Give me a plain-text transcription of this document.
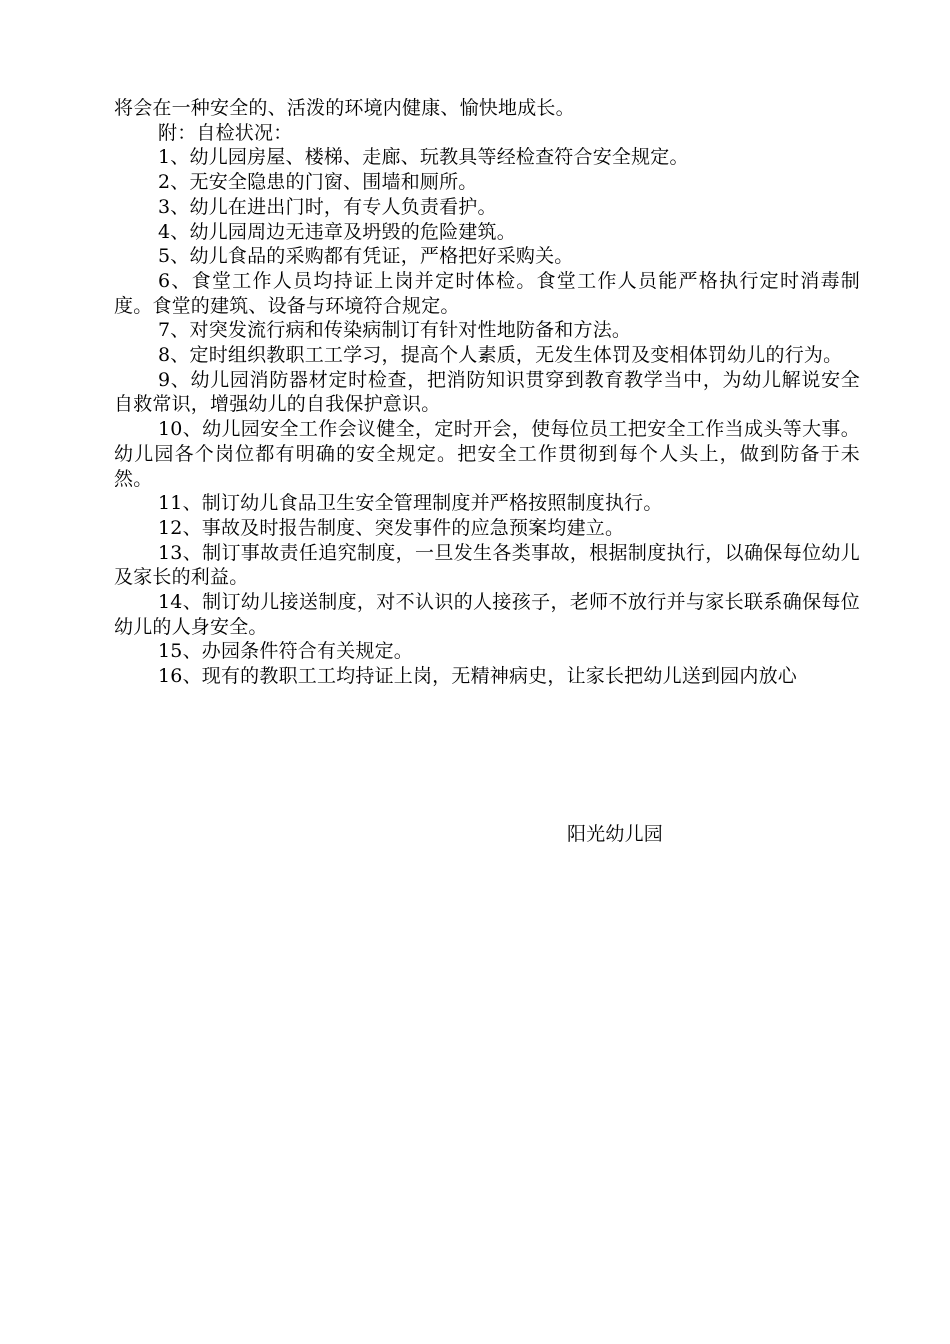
将会在一种安全的、活泼的环境内健康、愉快地成长。

附：自检状况：

1、幼儿园房屋、楼梯、走廊、玩教具等经检查符合安全规定。

2、无安全隐患的门窗、围墙和厕所。

3、幼儿在进出门时，有专人负责看护。

4、幼儿园周边无违章及坍毁的危险建筑。

5、幼儿食品的采购都有凭证，严格把好采购关。

6、食堂工作人员均持证上岗并定时体检。食堂工作人员能严格执行定时消毒制度。食堂的建筑、设备与环境符合规定。

7、对突发流行病和传染病制订有针对性地防备和方法。

8、定时组织教职工工学习，提高个人素质，无发生体罚及变相体罚幼儿的行为。

9、幼儿园消防器材定时检查，把消防知识贯穿到教育教学当中，为幼儿解说安全自救常识，增强幼儿的自我保护意识。

10、幼儿园安全工作会议健全，定时开会，使每位员工把安全工作当成头等大事。幼儿园各个岗位都有明确的安全规定。把安全工作贯彻到每个人头上，做到防备于未然。

11、制订幼儿食品卫生安全管理制度并严格按照制度执行。

12、事故及时报告制度、突发事件的应急预案均建立。

13、制订事故责任追究制度，一旦发生各类事故，根据制度执行，以确保每位幼儿及家长的利益。

14、制订幼儿接送制度，对不认识的人接孩子，老师不放行并与家长联系确保每位幼儿的人身安全。

15、办园条件符合有关规定。

16、现有的教职工工均持证上岗，无精神病史，让家长把幼儿送到园内放心

阳光幼儿园
